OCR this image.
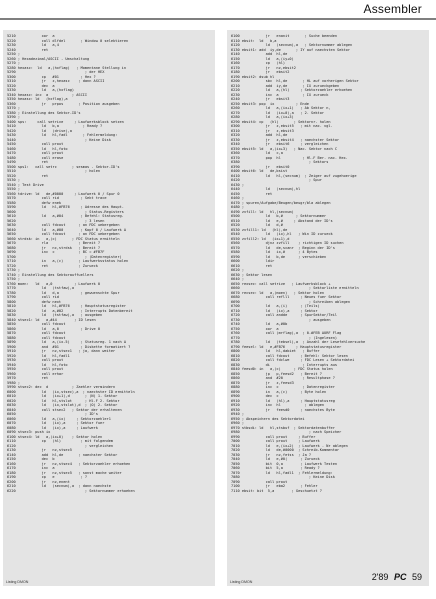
Assembler
5210            xor  a
5220            call dlfdel       ; Window 0 selektieren
5230            ld   a,4
5240            ret
5250 ;
5260 ; Hexadezimal/ASCII - Umschaltung
5270 ;
5280 hexasc:  ld   a,(hxflag)   ; Momentane Stellung in
5290                                ; der HEX
5300            cp   #01          ; Hex ?
5310            jr   z,hexasc    ; dann ASCII
5320            dec  a
5330            ld   a,(hxflag)
5340 hexasc: inc  a           ; ASCII
5350 hexasc: ld   (hxflag),a
5360            jr   prpos       ; Position ausgeben
5370 ;
5380 ; Einstellung des Sektor-ID's
5390 ;
5400 sps:     call setrive     ; Laufwerksblock setzen
5410            ld   b,a           ; Ready ?
5420            ld   (drive),a
5430            ld   hl,fadl       ; Fehlermeldung:
5440                                ; Keine Disk
5450            call prout
5460            ld   hl,foto
5470            call prout
5480            call erase
5490            ret
5500 sps1:   call setrc       ; sesmas - Sektor-ID's
5510                                ; holen
5520            ret
5530 ;
5540 ; Test Drive
5550 ;
5560 tdrive: ld   de,#0000     ; Laufwerk 0 / Spur 0
5570            call rid          ; Sekt trace
5580            defw enek
5590            ld   hl,#FB76     ; Adresse des Haupt-
5600                                ; Status-Registers
5610            ld   a,#04        ; Befehl: Statusreg.
5620                                ; 3 lesen
5630            call fdcout      ; an FDC uebergeben
5640            ld   a,#00        ; Kopf 0 / Laufwerk A
5650            call fdcout      ; an FDC uebergeben
5660 strdsk: in   a,(c)       ; FDC Status ermitteln
5670            rla              ; Bereit ?
5680            jr   nc,strdsk   ; Bereit ?
5690            inc  c           ; BC = #FB7F
5700                                ; (Datenregister)
5710            in   a,(c)       ; Laufwerksstatus holen
5720            ret              ; Zurueck
5730 ;
5740 ; Einstellung des Sektorauffuellers
5750 ;
5760 moen:   ld   a,0          ; Laufwerk 0
5770            ld   (tstfaw),a
5780            ld   d,a          ; gewuenschte Spur
5790            call rid
5800            defw next
5810            ld   hl,#FB76     ; Hauptstatusregister
5820            ld   a,#02        ; Interrupts Datenbereit
5830            ld   (tstfaw),a   ; ausgeben
5840 stsec1: ld   a,#44        ; ID lesen
5850            call fdcout
5860            ld   a,0          ; Drive 0
5870            call fdcout
5880            call fdcout
5890            ld   a,(ix-5)     ; Statusreg. 1 nach A
5900            and  #01          ; Diskette formatiert ?
5910            jr   nz,stsec1   ; ja, dann weiter
5920            ld   hl,fadl1
5930            call prout
5940            ld   hl,foto
5950            call prout
5960            call erhar
5970            ret
5980 ;
5990 stsec2: dec  d           ; Zaehler vermindern
6000            ld   (ix,stsec),a  ; naechster ID ermitteln
6010            ld   (ix+1),d       ; (N) 1. Sektor
6020            ld   hl,stslot      ; Hl.F 2. Sektor
6030            ld   (ix,stslot),d  ; (O) 2. Sektor
6040            call stsec2   ; Sektor der erhaltenen
6050                                ; ID's
6060            ld   a,(ix)     ; Sektorzaehler1
6070            ld   (ix),a     ; Sektor fuer
6080            ld   (ix),a     ; Laufwerk
6090 stsec3: push ix
6100 stsec4: ld   a,(ix+0)    ; Sektor holen
6110            cp   (hl)         ; mit folgendem
6120                                ; vergleichen
6130            jr   nz,stsec5
6140            add  hl,de       ; naechster Sektor
6150            dec  b
6160            jr   nz,stsec4   ; Sektorzaehler erhoehen
6170            inc  a
6180            jr   nz,stsec5   ; sonst mache weiter
6190            cp   e            ; ?
6200            jr   nz,enent
6210            ld   (secnum),a  ; dann naechste
6220                                ; Sektornummer erhoehen
Listing DMON
6100            jr   enanit       ; Suche beenden
6110 ebsit:  ld   b,a
6120            ld   (secnum),a   ; Sektornummer ablegen
6130 ebsit1: add  iy,de       ; IY auf naechsten Sektor
6140            add  hl,de
6150            ld   a,(iy+0)
6160            cp   (hl)
6170            jr   nz,ebsit2
6180            jr   ebsit2
6190 ebsit2: dsub hl
6200            sbc  hl,de       ; HL auf vorherigen Sektor
6210            add  iy,de       ; IX zurueckgeben
6220            ld   a,(hl)     ; Sektorzaehler erhoehen
6230            inc  a           ; IX zurueck
6240            jr   ebsit3
6250 ebsit3: pop  ix          ; Ende
6260            ld   a,(ix+1)   ; Ab Sektor n,
6270            ld   (ix+0),a   ; 2. Sektor
6280            ld   a,(ix+3)
6290 ebsit4: cp   (hl)       ; Sektornr. holen
6300            jr   z,ebsit5   ; mit nac. vgl.
6310            jr   z,ebsit3
6320            add  hl,de
6330            jr   z,ebsit4   ; naechster Sektor
6340            jr   ebsit6     ; vergleichen
6350 ebsit5: ld   a,(ix+3)   ; Nac. Sektor nach C
6360            ld   c,a
6370            pop  hl          ; Hl.F Ber. nac. Hex.
6380                                ; Sektors
6390            jr   ebsit0
6400 ebsit6: ld   de,bsist
6410            ld   hl,(secnum)  ; Zeiger auf zugehoerige
6420                                ; Spur
6430 ;
6440            ld   (secnum),hl
6450            ret
6460 ;
6470 ; spuren/Aufgabe/Beugen/beugr/bla ablegen
6480 ;
6490 zvfill: ld   hl,(secnum)
6500            ld   b,#      ; Sektornummer
6510            ld   e,#     ; Abstand der ID's
6520            ld   d,#
6530 zvfill1: ld   (hl),de
6540            ld   (ix),hl   ; Win ID zurueck
6550 zvfill2: ld   (ix+1),d
6560            djnz zvfill    ; richtigen ID suchen
6570            ld   de,scanr  ; Beginn der ID's
6580            ld   ix,#      ; 4 Bytes
6590            ld   b,de      ; verschieben
6600            ldir
6610            ret
6620 ;
6630 ; Sektor lesen
6640 ;
6650 rexsec: call setrive   ; Laufwerksblock +
6660                                ; Sektorliste ermitteln
6670 recsec: ld   a,(moen)   ; Sektor holen
6680            call reflll     ; Neues fuer Sektor
6690                                ; Schreiben ablegen
6700            ld   a,(i)      ; (Teils)
6710            ld   (ix),a     ; Sektor
6720            call andde      ; SpurSektor/Teil
6730                                ; ausgeben
6740            ld   a,#0b
6750            xor  a
6760            call (mrflag),a  ; 0-#FEB AURF Flag
6770                                ; (Ingelesen)
6780            ld   (tebsel),a  ; Anzahl der Lesefehlversuche
6790 feesel: ld   e,#FB76     ; Hauptstatusregister
6800            ld   hl,dabiet   ; Buffer
6810            call fdcout     ; Befehl: Sektor lesen
6820            call fdclwe     ; FDC Lesen + Sektordatei
6830            di               ; Interrupts aus
6840 feesd0: in   a,(c)      ; FDC Status holen
6850            jp   p,feesd2   ; Bereit ?
6860            and  #20         ; Resultphase ?
6870            jr   z,feesd3
6880            inc  c           ; Datenregister
6890            in   a,(c)      ; Byte holen
6900            dec  c
6910            ld   (hl),a     ; Hauptstatusreg
6920            inc  hl           ; ablegen
6930            jr   feesd0     ; naechstes Byte
6940 ;
6950 ; Abspeichern des Sektordatei
6960 ;
6970 stbsdi: ld   hl,stsbuf  ; Sektordatenbuffer
6980                                ; nach Speicher
6990            call prout     ; Buffer
7000            call prout     ; Laufwerk
7010            ld   e,(ix+2)  ; Laufwerk - Nr ablegen
7020            ld   de,#0000  ; Schreib-Kommentar
7030            jr   nz,fetss  ; Ja ?
7040            ld   e,#0(      ; Zurueck
7050            bit  0,a        ; Laufwerk Testen
7060            bit  5,a        ; Ready ?
7070            ld   hl,fadl1  ; Fehlermeldung:
7080                                ; Keine Disk
7090            call prout
7100            jr   eba2       ; Fehler
7110 ebsit: bit  5,a        ; Geschuetzt ?
Listing DMON	2'89 PC 59
